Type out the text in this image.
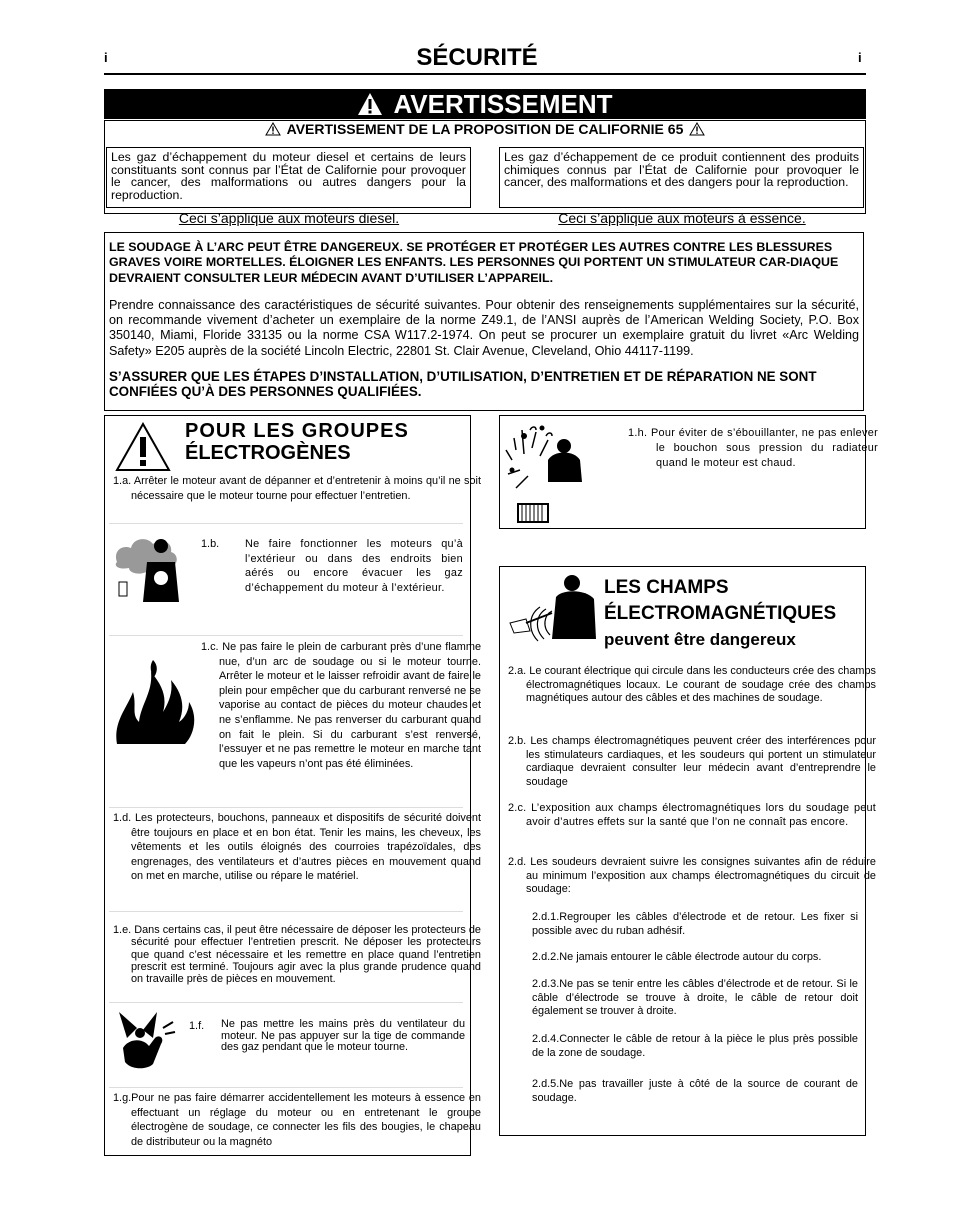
i	i
SÉCURITÉ
AVERTISSEMENT
AVERTISSEMENT DE LA PROPOSITION DE CALIFORNIE 65
Les gaz d’échappement du moteur diesel et certains de leurs constituants sont connus par l’État de Californie pour provoquer le cancer, des malformations ou autres dangers pour la reproduction.
Les gaz d’échappement de ce produit contiennent des produits chimiques connus par l’État de Californie pour provoquer le cancer, des malformations et des dangers pour la reproduction.
Ceci s’applique aux moteurs diesel.	Ceci s’applique aux moteurs à essence.
LE SOUDAGE À L’ARC PEUT ÊTRE DANGEREUX. SE PROTÉGER ET PROTÉGER LES AUTRES CONTRE LES BLESSURES GRAVES VOIRE MORTELLES. ÉLOIGNER LES ENFANTS. LES PERSONNES QUI PORTENT UN STIMULATEUR CAR-DIAQUE DEVRAIENT CONSULTER LEUR MÉDECIN AVANT D’UTILISER L’APPAREIL.
Prendre connaissance des caractéristiques de sécurité suivantes. Pour obtenir des renseignements supplémentaires sur la sécurité, on recommande vivement d’acheter un exemplaire de la norme Z49.1, de l’ANSI auprès de l’American Welding Society, P.O. Box 350140, Miami, Floride 33135 ou la norme CSA W117.2-1974. On peut se procurer un exemplaire gratuit du livret «Arc Welding Safety» E205 auprès de la société Lincoln Electric, 22801 St. Clair Avenue, Cleveland, Ohio 44117-1199.
S’ASSURER QUE LES ÉTAPES D’INSTALLATION, D’UTILISATION, D’ENTRETIEN ET DE RÉPARATION NE SONT CONFIÉES QU’À DES PERSONNES QUALIFIÉES.
POUR LES GROUPES
ÉLECTROGÈNES
1.a. Arrêter le moteur avant de dépanner et d’entretenir à moins qu’il ne soit nécessaire que le moteur tourne pour effectuer l’entretien.
1.b.	Ne faire fonctionner les moteurs qu’à l’extérieur ou dans des endroits bien aérés ou encore évacuer les gaz d’échappement du moteur à l’extérieur.
1.c. Ne pas faire le plein de carburant près d’une flamme nue, d’un arc de soudage ou si le moteur tourne. Arrêter le moteur et le laisser refroidir avant de faire le plein pour empêcher que du carburant renversé ne se vaporise au contact de pièces du moteur chaudes et ne s’enflamme. Ne pas renverser du carburant quand on fait le plein. Si du carburant s’est renversé, l’essuyer et ne pas remettre le moteur en marche tant que les vapeurs n’ont pas été éliminées.
1.d. Les protecteurs, bouchons, panneaux et dispositifs de sécurité doivent être toujours en place et en bon état. Tenir les mains, les cheveux, les vêtements et les outils éloignés des courroies trapézoïdales, des engrenages, des ventilateurs et d’autres pièces en mouvement quand on met en marche, utilise ou répare le matériel.
1.e. Dans certains cas, il peut être nécessaire de déposer les protecteurs de sécurité pour effectuer l’entretien prescrit. Ne déposer les protecteurs que quand c’est nécessaire et les remettre en place quand l’entretien prescrit est terminé. Toujours agir avec la plus grande prudence quand on travaille près de pièces en mouvement.
1.f.	Ne pas mettre les mains près du ventilateur du moteur. Ne pas appuyer sur la tige de commande des gaz pendant que le moteur tourne.
1.g.Pour ne pas faire démarrer accidentellement les moteurs à essence en effectuant un réglage du moteur ou en entretenant le groupe électrogène de soudage, ce connecter les fils des bougies, le chapeau de distributeur ou la magnéto
1.h. Pour éviter de s’ébouillanter, ne pas enlever le bouchon sous pression du radiateur quand le moteur est chaud.
LES CHAMPS
ÉLECTROMAGNÉTIQUES
peuvent être dangereux
2.a. Le courant électrique qui circule dans les conducteurs crée des champs électromagnétiques locaux. Le courant de soudage crée des champs magnétiques autour des câbles et des machines de soudage.
2.b. Les champs électromagnétiques peuvent créer des interférences pour les stimulateurs cardiaques, et les soudeurs qui portent un stimulateur cardiaque devraient consulter leur médecin avant d’entreprendre le soudage
2.c. L’exposition aux champs électromagnétiques lors du soudage peut avoir d’autres effets sur la santé que l’on ne connaît pas encore.
2.d. Les soudeurs devraient suivre les consignes suivantes afin de réduire au minimum l’exposition aux champs électromagnétiques du circuit de soudage:
2.d.1.Regrouper les câbles d’électrode et de retour. Les fixer si possible avec du ruban adhésif.
2.d.2.Ne jamais entourer le câble électrode autour du corps.
2.d.3.Ne pas se tenir entre les câbles d’électrode et de retour. Si le câble d’électrode se trouve à droite, le câble de retour doit également se trouver à droite.
2.d.4.Connecter le câble de retour à la pièce le plus près possible de la zone de soudage.
2.d.5.Ne pas travailler juste à côté de la source de courant de soudage.
